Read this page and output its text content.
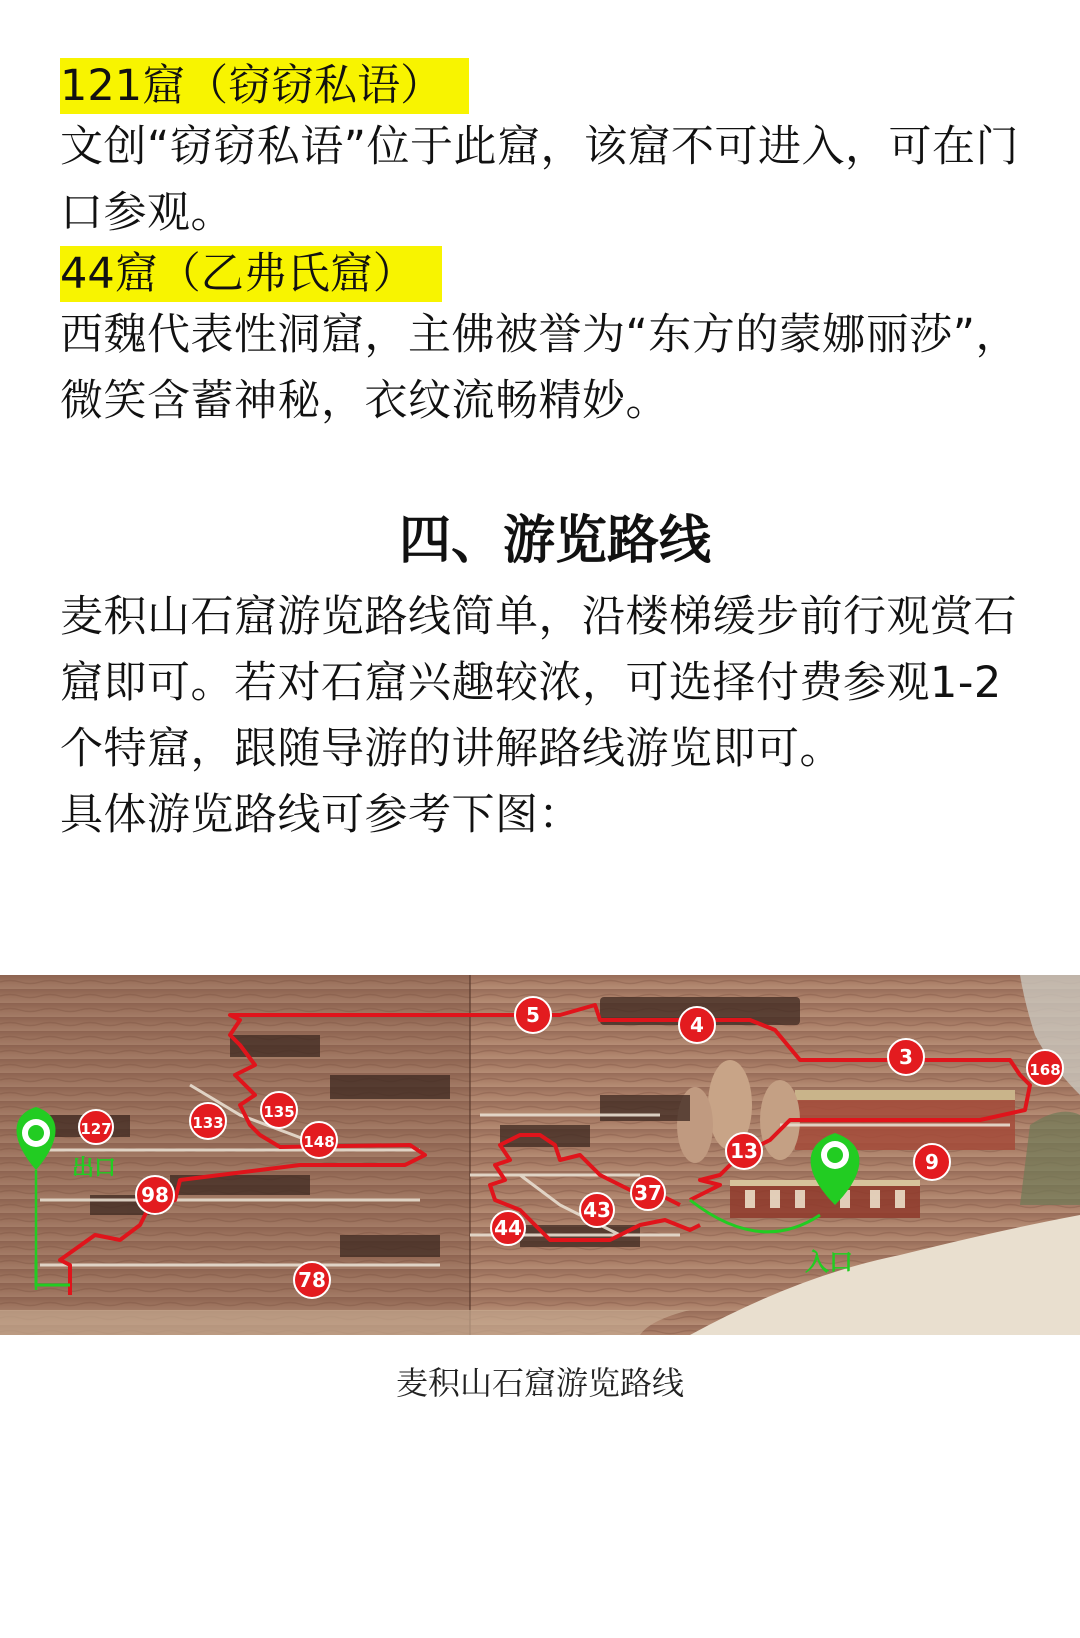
121窟（窃窃私语）

文创“窃窃私语”位于此窟，该窟不可进入，可在门口参观。

44窟（乙弗氏窟）

西魏代表性洞窟，主佛被誉为“东方的蒙娜丽莎”，微笑含蓄神秘，衣纹流畅精妙。

四、游览路线

麦积山石窟游览路线简单，沿楼梯缓步前行观赏石窟即可。若对石窟兴趣较浓，可选择付费参观1-2个特窟，跟随导游的讲解路线游览即可。

具体游览路线可参考下图：

出口
入口
5	4
3
168
127	133
135
148
98
13	9
37
43
44
78
麦积山石窟游览路线
